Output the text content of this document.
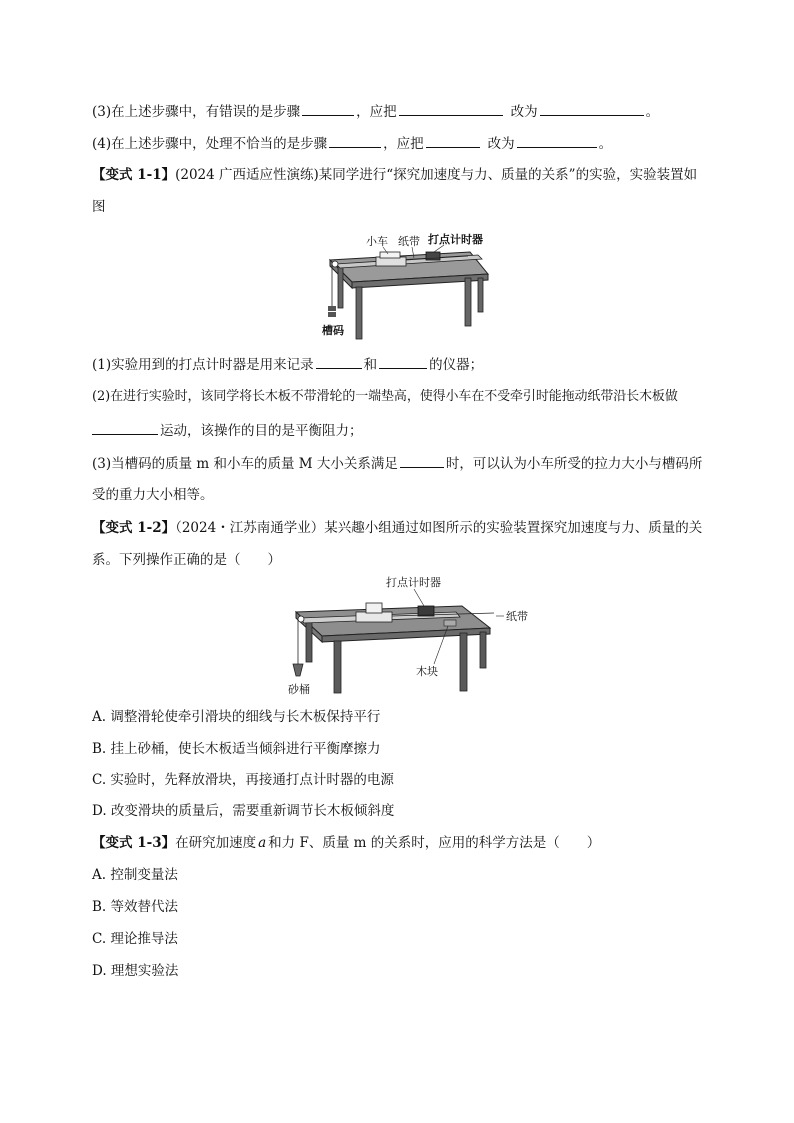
(3)在上述步骤中，有错误的是步骤	，应把	改为	。
(4)在上述步骤中，处理不恰当的是步骤	，应把	改为	。
【变式 1-1】(2024 广西适应性演练)某同学进行“探究加速度与力、质量的关系”的实验，实验装置如
图
小车 纸带 打点计时器
槽码
(1)实验用到的打点计时器是用来记录	和	的仪器；
(2)在进行实验时，该同学将长木板不带滑轮的一端垫高，使得小车在不受牵引时能拖动纸带沿长木板做
运动，该操作的目的是平衡阻力；
(3)当槽码的质量 m 和小车的质量 M 大小关系满足	时，可以认为小车所受的拉力大小与槽码所
受的重力大小相等。
【变式 1-2】（2024・江苏南通学业）某兴趣小组通过如图所示的实验装置探究加速度与力、质量的关
系。下列操作正确的是（　　）
打点计时器
纸带
木块
砂桶
A. 调整滑轮使牵引滑块的细线与长木板保持平行
B. 挂上砂桶，使长木板适当倾斜进行平衡摩擦力
C. 实验时，先释放滑块，再接通打点计时器的电源
D. 改变滑块的质量后，需要重新调节长木板倾斜度
【变式 1-3】在研究加速度 a 和力 F、质量 m 的关系时，应用的科学方法是（　　）
A. 控制变量法
B. 等效替代法
C. 理论推导法
D. 理想实验法
